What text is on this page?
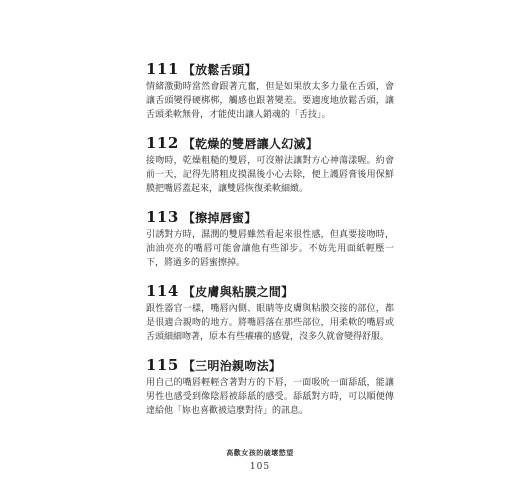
111 【放鬆舌頭】

情緒激動時當然會跟著亢奮，但是如果放太多力量在舌頭，會讓舌頭變得硬梆梆，觸感也跟著變差。要適度地放鬆舌頭，讓舌頭柔軟無骨，才能使出讓人銷魂的「舌技」。

112 【乾燥的雙唇讓人幻滅】

接吻時，乾燥粗糙的雙唇，可沒辦法讓對方心神蕩漾喔。約會前一天，記得先將粗皮摸濕後小心去除，便上護唇膏後用保鮮膜把嘴唇蓋起來，讓雙唇恢復柔軟細緻。

113 【擦掉唇蜜】

引誘對方時，濕潤的雙唇雖然看起來很性感，但真要接吻時，油油亮亮的嘴唇可能會讓他有些卻步。不妨先用面紙輕壓一下，將過多的唇蜜擦掉。

114 【皮膚與粘膜之間】

跟性器官一樣，嘴唇內側、眼睛等皮膚與粘膜交接的部位，都是很適合親吻的地方。將嘴唇落在那些部位，用柔軟的嘴唇或舌頭細細吻著，原本有些癢癢的感覺，沒多久就會變得舒服。

115 【三明治親吻法】

用自己的嘴唇輕輕含著對方的下唇，一面吸吮一面舔舐，能讓男性也感受到像陰唇被舔舐的感受。舔舐對方時，可以順便傳達給他「妳也喜歡被這麼對待」的訊息。

高歡女孩的破壞慾望
105
